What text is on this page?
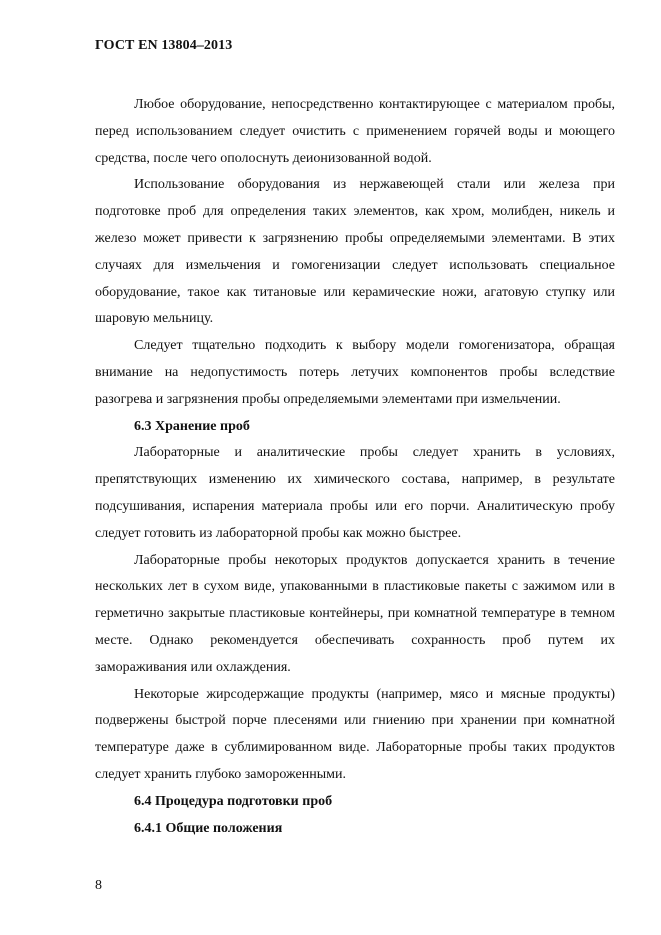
ГОСТ EN 13804–2013

Любое оборудование, непосредственно контактирующее с материалом пробы, перед использованием следует очистить с применением горячей воды и моющего средства, после чего ополоснуть деионизованной водой.

Использование оборудования из нержавеющей стали или железа при подготовке проб для определения таких элементов, как хром, молибден, никель и железо может привести к загрязнению пробы определяемыми элементами. В этих случаях для измельчения и гомогенизации следует использовать специальное оборудование, такое как титановые или керамические ножи, агатовую ступку или шаровую мельницу.

Следует тщательно подходить к выбору модели гомогенизатора, обращая внимание на недопустимость потерь летучих компонентов пробы вследствие разогрева и загрязнения пробы определяемыми элементами при измельчении.

6.3 Хранение проб

Лабораторные и аналитические пробы следует хранить в условиях, препятствующих изменению их химического состава, например, в результате подсушивания, испарения материала пробы или его порчи. Аналитическую пробу следует готовить из лабораторной пробы как можно быстрее.

Лабораторные пробы некоторых продуктов допускается хранить в течение нескольких лет в сухом виде, упакованными в пластиковые пакеты с зажимом или в герметично закрытые пластиковые контейнеры, при комнатной температуре в темном месте. Однако рекомендуется обеспечивать сохранность проб путем их замораживания или охлаждения.

Некоторые жирсодержащие продукты (например, мясо и мясные продукты) подвержены быстрой порче плесенями или гниению при хранении при комнатной температуре даже в сублимированном виде. Лабораторные пробы таких продуктов следует хранить глубоко замороженными.

6.4 Процедура подготовки проб

6.4.1 Общие положения

8
